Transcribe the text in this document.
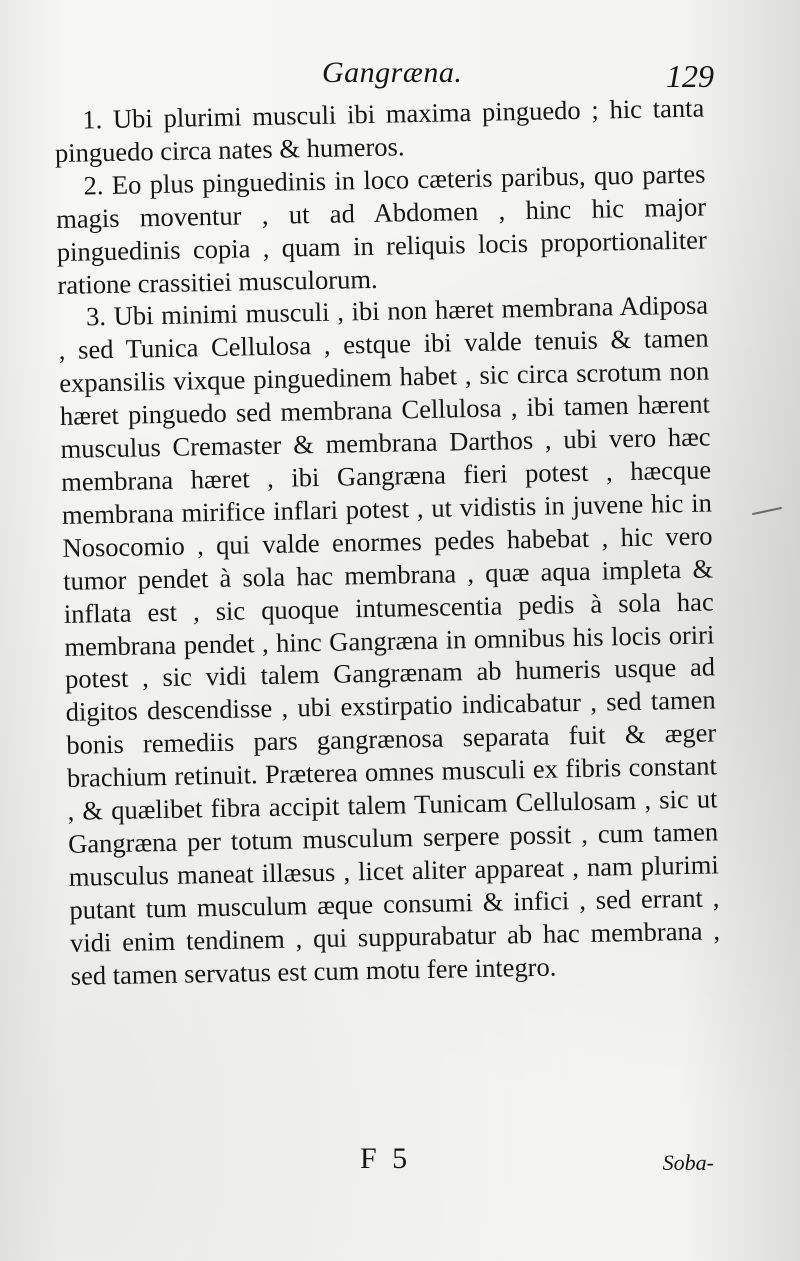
Gangræna.	129

1. Ubi plurimi musculi ibi maxima pinguedo ; hic tanta pinguedo circa nates & humeros.

2. Eo plus pinguedinis in loco cæteris paribus, quo partes magis moventur , ut ad Abdomen , hinc hic major pinguedinis copia , quam in reliquis locis proportionaliter ratione crassitiei musculorum.

3. Ubi minimi musculi , ibi non hæret membrana Adiposa , sed Tunica Cellulosa , estque ibi valde tenuis & tamen expansilis vixque pinguedinem habet , sic circa scrotum non hæret pinguedo sed membrana Cellulosa , ibi tamen hærent musculus Cremaster & membrana Darthos , ubi vero hæc membrana hæret , ibi Gangræna fieri potest , hæcque membrana mirifice inflari potest , ut vidistis in juvene hic in Nosocomio , qui valde enormes pedes habebat , hic vero tumor pendet à sola hac membrana , quæ aqua impleta & inflata est , sic quoque intumescentia pedis à sola hac membrana pendet , hinc Gangræna in omnibus his locis oriri potest , sic vidi talem Gangrænam ab humeris usque ad digitos descendisse , ubi exstirpatio indicabatur , sed tamen bonis remediis pars gangrænosa separata fuit & æger brachium retinuit. Præterea omnes musculi ex fibris constant , & quælibet fibra accipit talem Tunicam Cellulosam , sic ut Gangræna per totum musculum serpere possit , cum tamen musculus maneat illæsus , licet aliter appareat , nam plurimi putant tum musculum æque consumi & infici , sed errant , vidi enim tendinem , qui suppurabatur ab hac membrana , sed tamen servatus est cum motu fere integro.

F 5	Soba-
